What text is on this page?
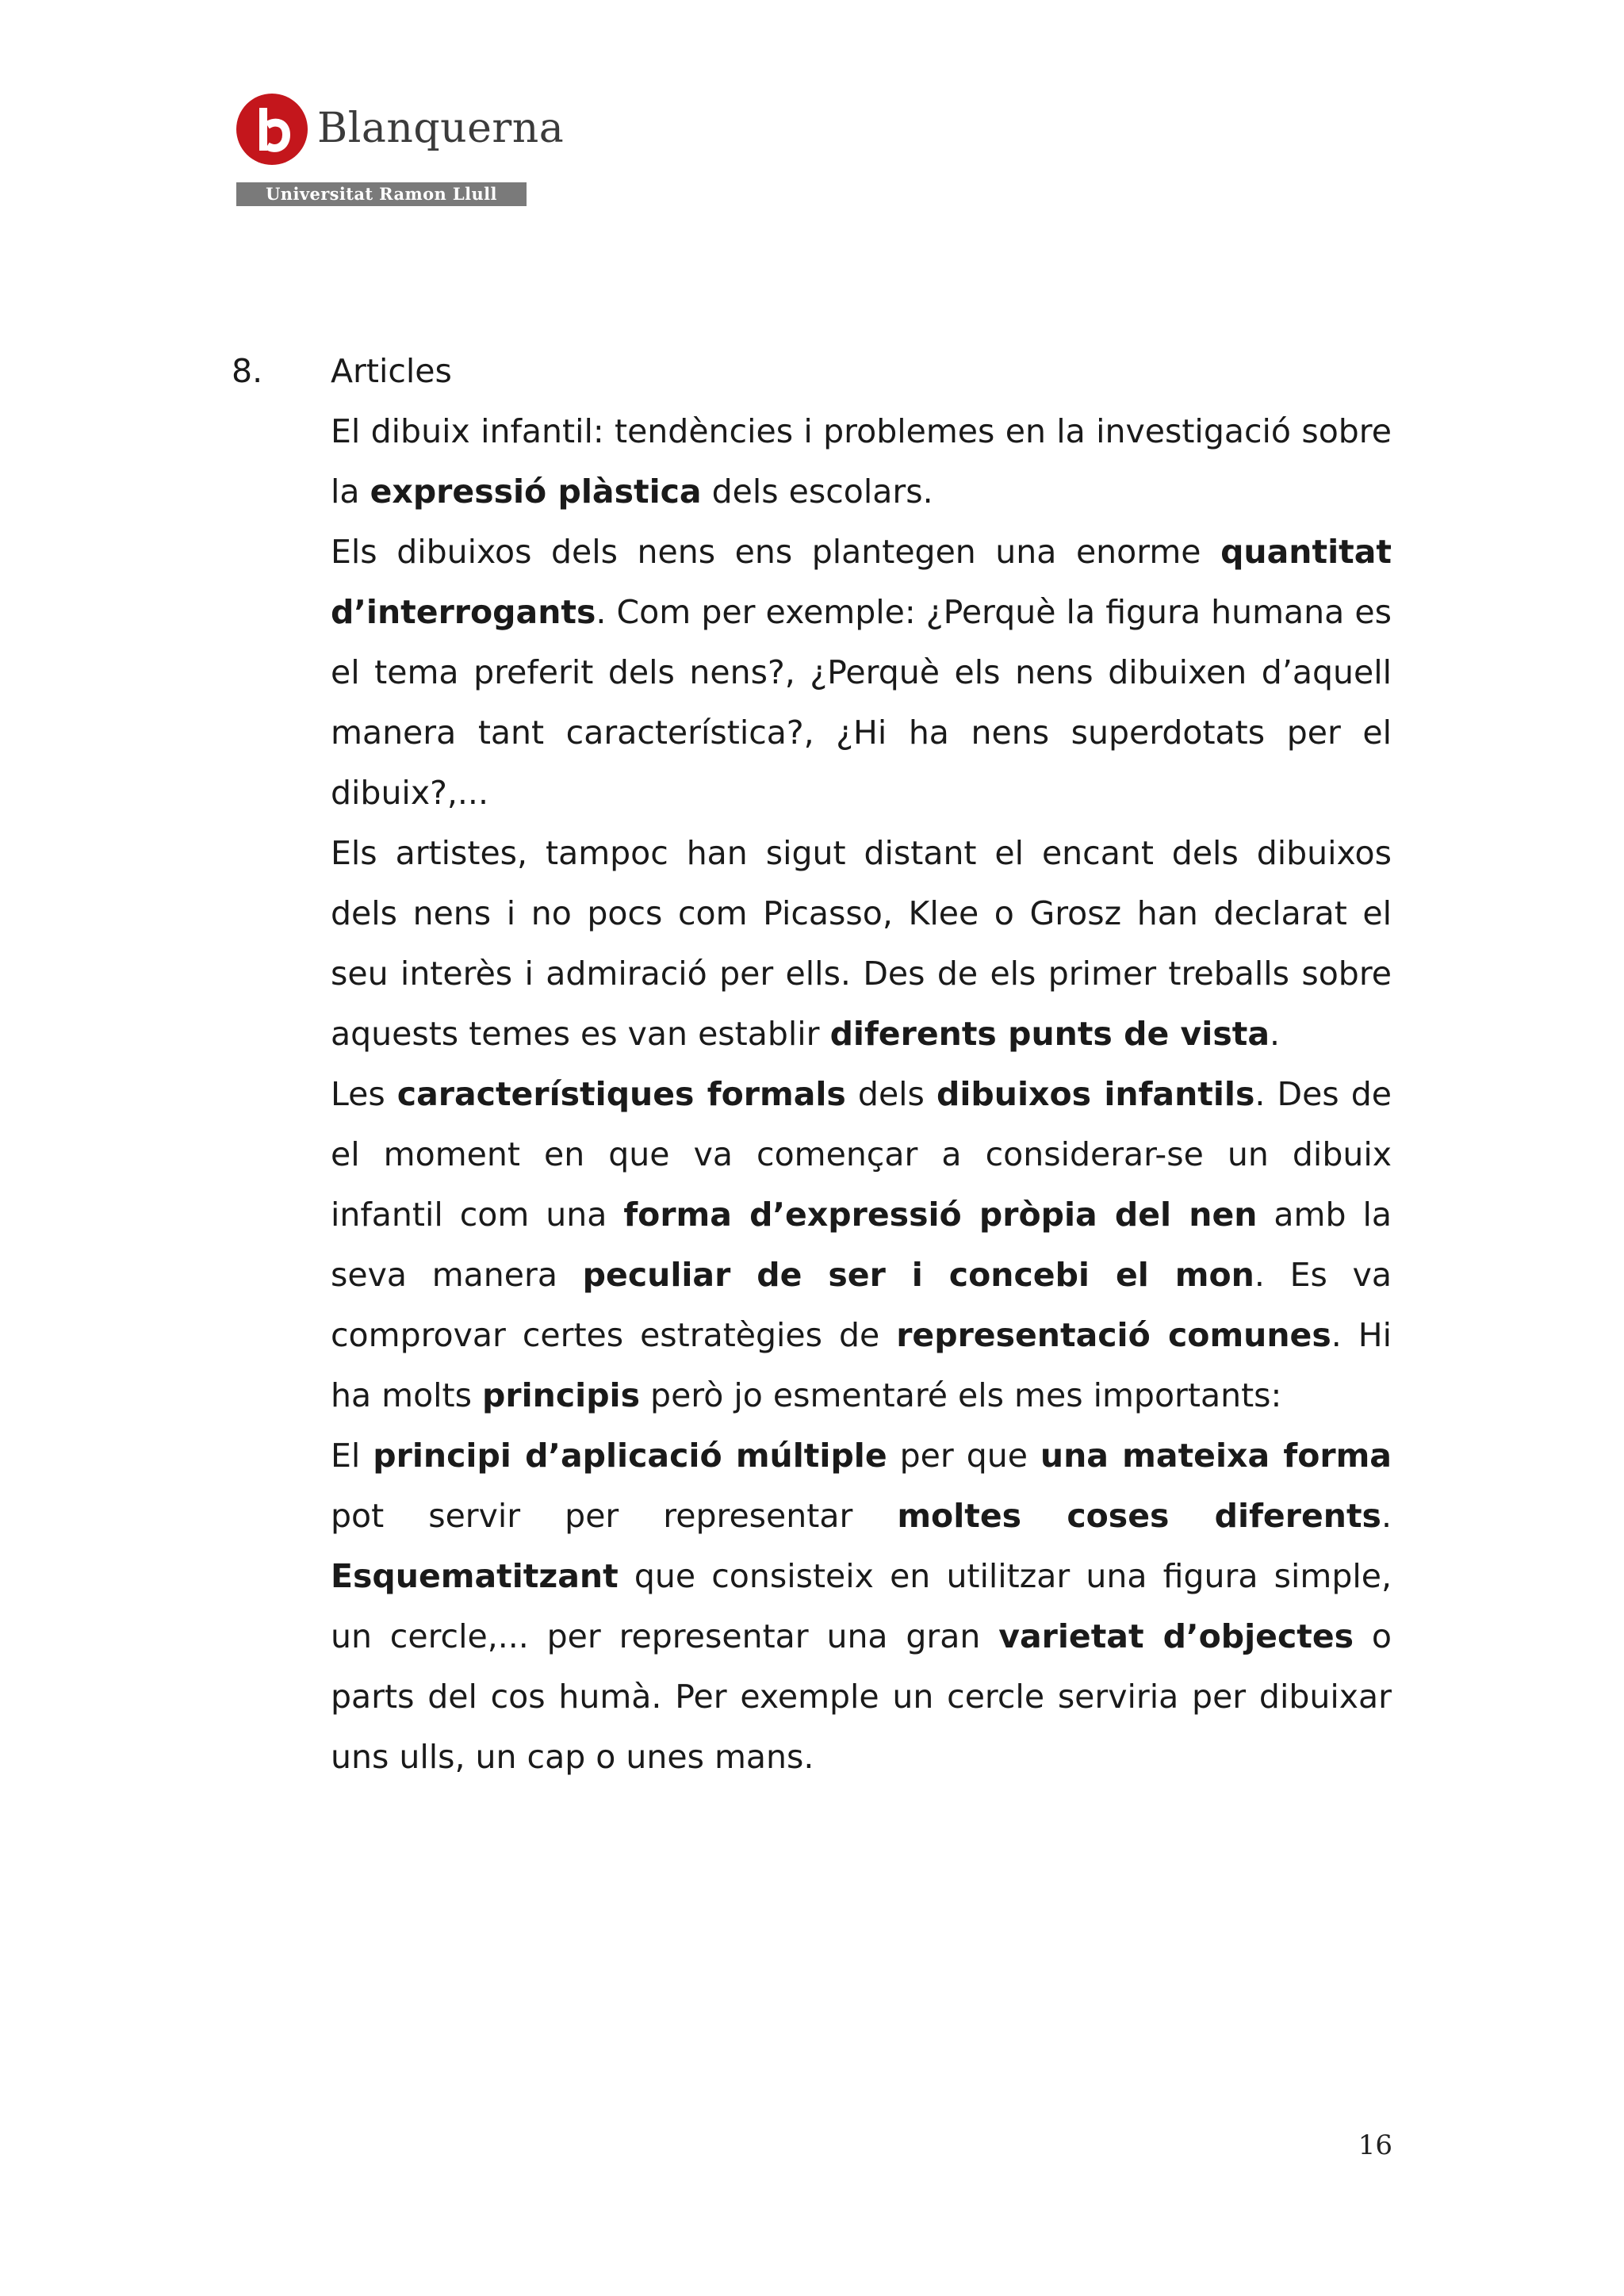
Blanquerna
Universitat Ramon Llull
8. Articles

El dibuix infantil: tendències i problemes en la investigació sobre la expressió plàstica dels escolars.

Els dibuixos dels nens ens plantegen una enorme quantitat d’interrogants. Com per exemple: ¿Perquè la figura humana es el tema preferit dels nens?, ¿Perquè els nens dibuixen d’aquell manera tant característica?, ¿Hi ha nens superdotats per el dibuix?,...

Els artistes, tampoc han sigut distant el encant dels dibuixos dels nens i no pocs com Picasso, Klee o Grosz han declarat el seu interès i admiració per ells. Des de els primer treballs sobre aquests temes es van establir diferents punts de vista.

Les característiques formals dels dibuixos infantils. Des de el moment en que va començar a considerar-se un dibuix infantil com una forma d’expressió pròpia del nen amb la seva manera peculiar de ser i concebi el mon. Es va comprovar certes estratègies de representació comunes. Hi ha molts principis però jo esmentaré els mes importants:

El principi d’aplicació múltiple per que una mateixa forma pot servir per representar moltes coses diferents. Esquematitzant que consisteix en utilitzar una figura simple, un cercle,... per representar una gran varietat d’objectes o parts del cos humà. Per exemple un cercle serviria per dibuixar uns ulls, un cap o unes mans.

16
